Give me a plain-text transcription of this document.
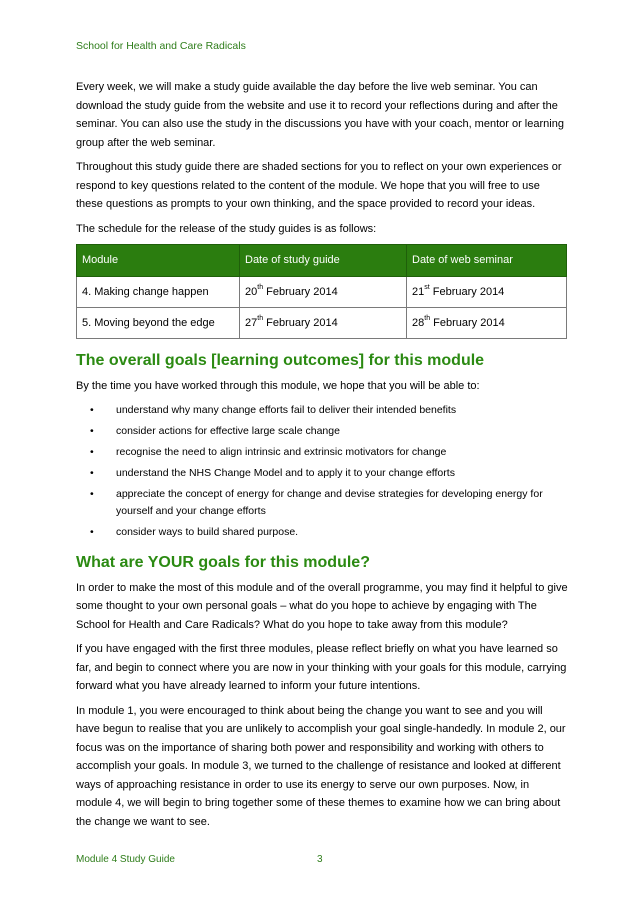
School for Health and Care Radicals

Every week, we will make a study guide available the day before the live web seminar. You can download the study guide from the website and use it to record your reflections during and after the seminar. You can also use the study in the discussions you have with your coach, mentor or learning group after the web seminar.

Throughout this study guide there are shaded sections for you to reflect on your own experiences or respond to key questions related to the content of the module. We hope that you will free to use these questions as prompts to your own thinking, and the space provided to record your ideas.

The schedule for the release of the study guides is as follows:

Module	Date of study guide	Date of web seminar
4. Making change happen	20th February 2014	21st February 2014
5. Moving beyond the edge	27th February 2014	28th February 2014
The overall goals [learning outcomes] for this module

By the time you have worked through this module, we hope that you will be able to:

• understand why many change efforts fail to deliver their intended benefits
• consider actions for effective large scale change
• recognise the need to align intrinsic and extrinsic motivators for change
• understand the NHS Change Model and to apply it to your change efforts
• appreciate the concept of energy for change and devise strategies for developing energy for yourself and your change efforts
• consider ways to build shared purpose.
What are YOUR goals for this module?

In order to make the most of this module and of the overall programme, you may find it helpful to give some thought to your own personal goals – what do you hope to achieve by engaging with The School for Health and Care Radicals? What do you hope to take away from this module?

If you have engaged with the first three modules, please reflect briefly on what you have learned so far, and begin to connect where you are now in your thinking with your goals for this module, carrying forward what you have already learned to inform your future intentions.

In module 1, you were encouraged to think about being the change you want to see and you will have begun to realise that you are unlikely to accomplish your goal single-handedly. In module 2, our focus was on the importance of sharing both power and responsibility and working with others to accomplish your goals. In module 3, we turned to the challenge of resistance and looked at different ways of approaching resistance in order to use its energy to serve our own purposes. Now, in module 4, we will begin to bring together some of these themes to examine how we can bring about the change we want to see.

Module 4 Study Guide	3
